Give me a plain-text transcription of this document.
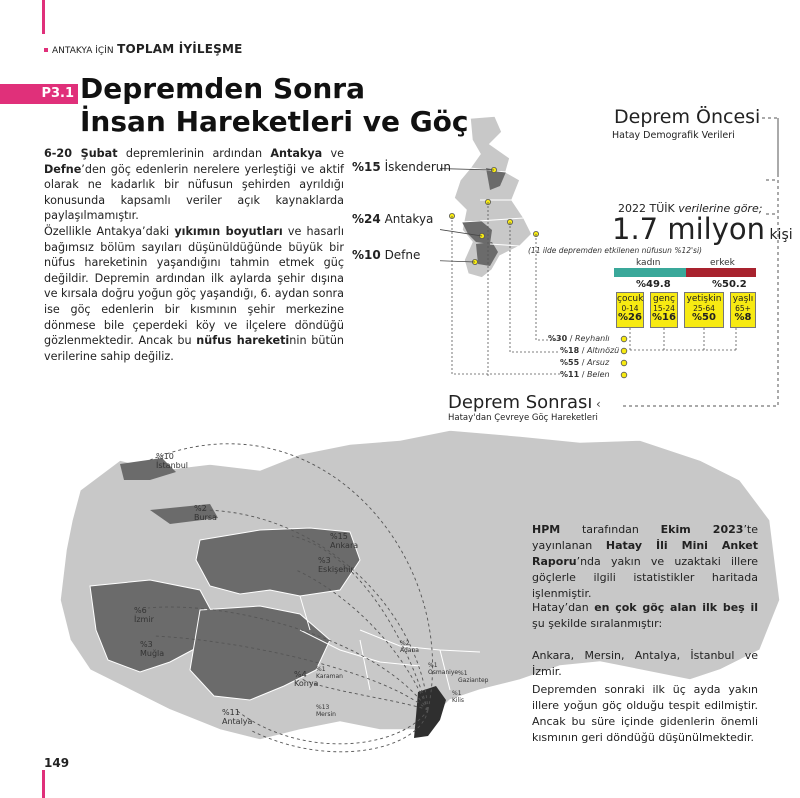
ANTAKYA İÇİN TOPLAM İYİLEŞME
P3.1 Depremden Sonra
İnsan Hareketleri ve Göç
6-20 Şubat depremlerinin ardından Antakya ve Defne’den göç edenlerin nerelere yerleştiği ve aktif olarak ne kadarlık bir nüfusun şehirden ayrıldığı konusunda kapsamlı veriler açık kaynaklarda paylaşılmamıştır.
Özellikle Antakya’daki yıkımın boyutları ve hasarlı bağımsız bölüm sayıları düşünüldüğünde büyük bir nüfus hareketinin yaşandığını tahmin etmek güç değildir. Depremin ardından ilk aylarda şehir dışına ve kırsala doğru yoğun göç yaşandığı, 6. aydan sonra ise göç edenlerin bir kısmının şehir merkezine dönmese bile çeperdeki köy ve ilçelere döndüğü gözlenmektedir. Ancak bu nüfus hareketinin bütün verilerine sahip değiliz.
%15 İskenderun
%24 Antakya
%10 Defne
%30 / Reyhanlı
%18 / Altınözü
%55 / Arsuz
%11 / Belen
Deprem Öncesi
Hatay Demografik Verileri
2022 TÜİK verilerine göre;
1.7 milyon kişi
(11 ilde depremden etkilenen nüfusun %12'si)
kadın	erkek
%49.8	%50.2
çocuk
0-14
%26
genç
15-24
%16
yetişkin
25-64
%50
yaşlı
65+
%8
Deprem Sonrası
Hatay'dan Çevreye Göç Hareketleri
‹
%10
İstanbul
%2
Bursa
%15
Ankara
%3
Eskişehir
%6
İzmir
%3
Muğla
%4
Konya
%11
Antalya
%2
Adana
%1
Osmaniye %1
Gaziantep
%1
Karaman
%13
Mersin
%1
Kilis
HPM tarafından Ekim 2023’te yayınlanan Hatay İli Mini Anket Raporu’nda yakın ve uzaktaki illere göçlerle ilgili istatistikler haritada işlenmiştir.
Hatay’dan en çok göç alan ilk beş il şu şekilde sıralanmıştır:
Ankara, Mersin, Antalya, İstanbul ve İzmir.
Depremden sonraki ilk üç ayda yakın illere yoğun göç olduğu tespit edilmiştir. Ancak bu süre içinde gidenlerin önemli kısmının geri döndüğü düşünülmektedir.
149
